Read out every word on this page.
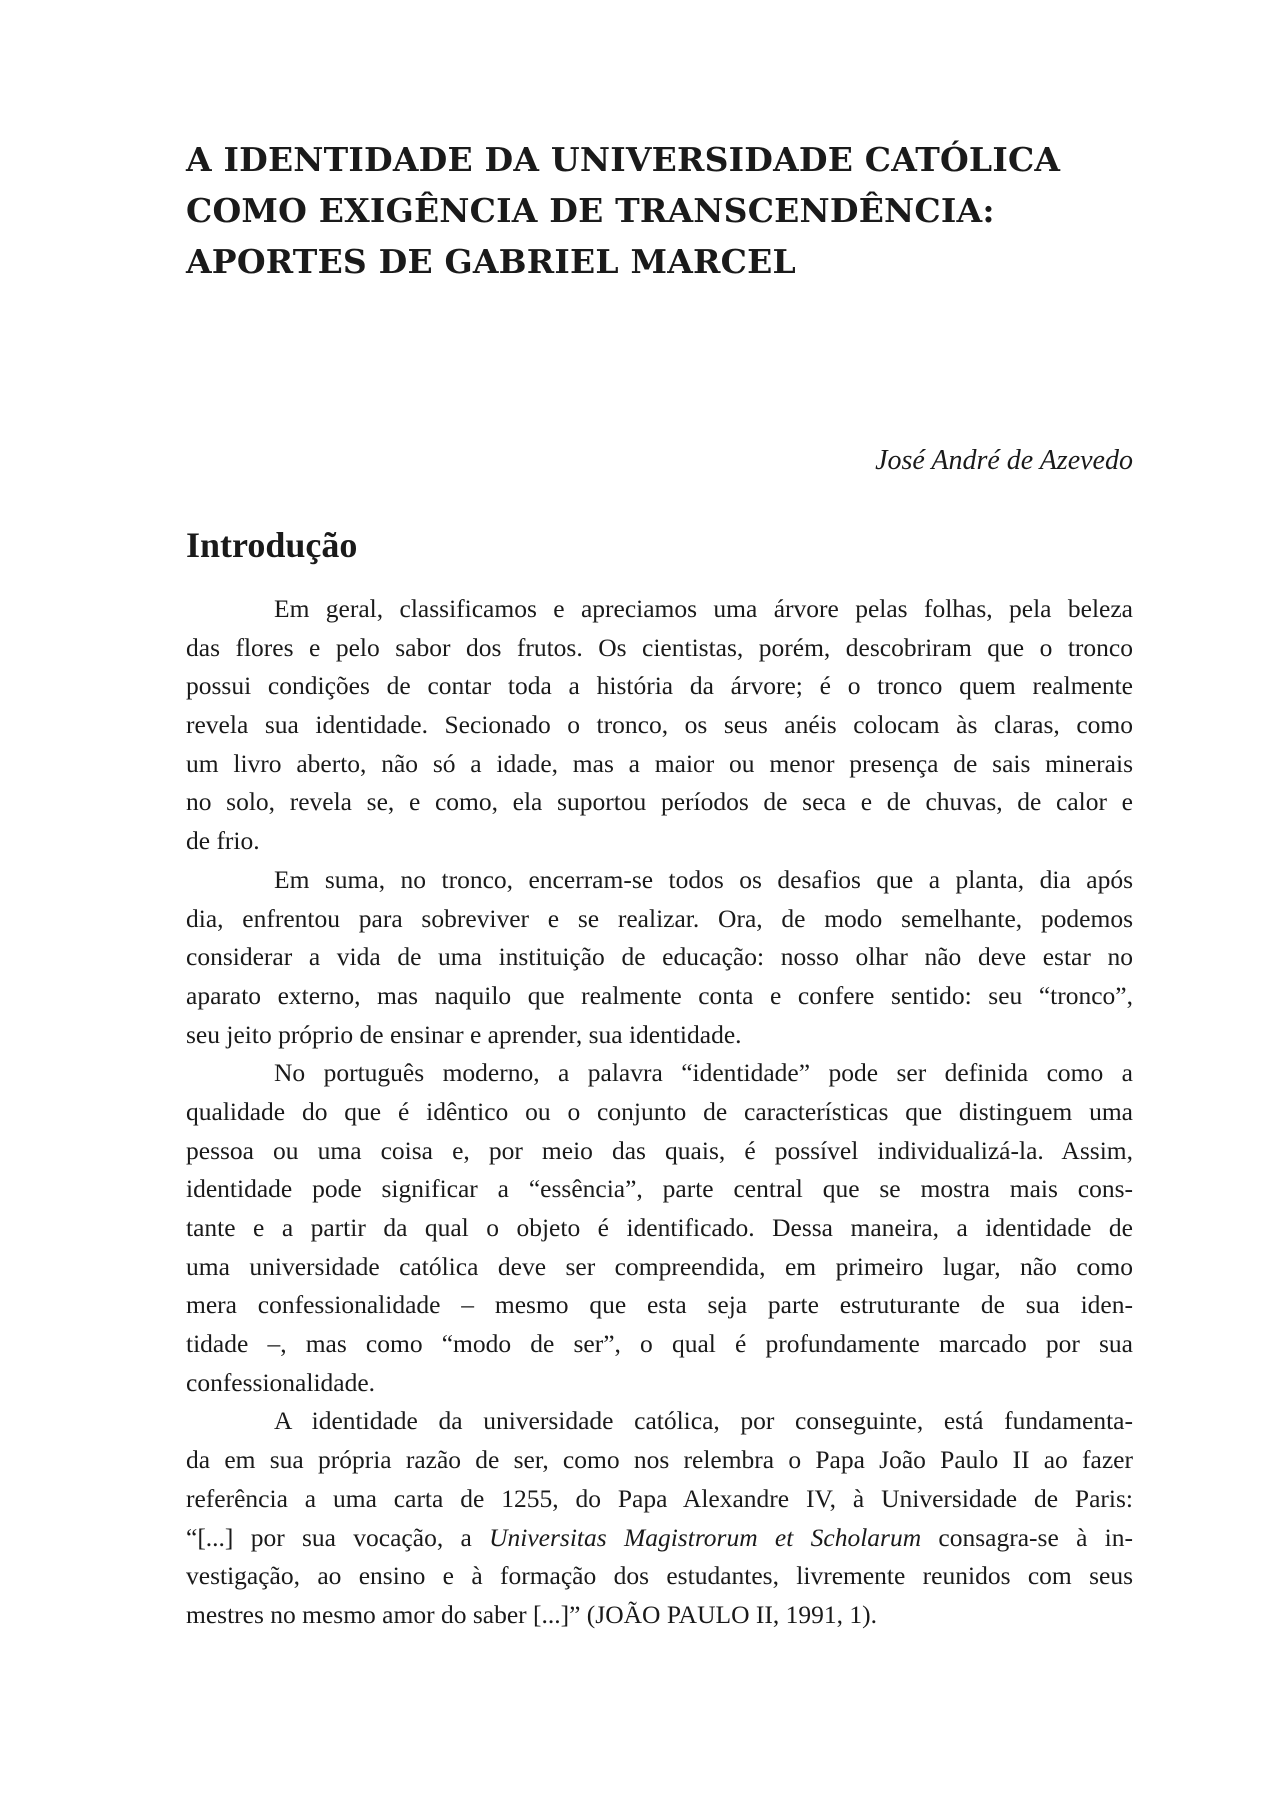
A IDENTIDADE DA UNIVERSIDADE CATÓLICA
COMO EXIGÊNCIA DE TRANSCENDÊNCIA:
APORTES DE GABRIEL MARCEL
José André de Azevedo
Introdução

Em geral, classificamos e apreciamos uma árvore pelas folhas, pela beleza
das flores e pelo sabor dos frutos. Os cientistas, porém, descobriram que o tronco
possui condições de contar toda a história da árvore; é o tronco quem realmente
revela sua identidade. Secionado o tronco, os seus anéis colocam às claras, como
um livro aberto, não só a idade, mas a maior ou menor presença de sais minerais
no solo, revela se, e como, ela suportou períodos de seca e de chuvas, de calor e
de frio.

Em suma, no tronco, encerram-se todos os desafios que a planta, dia após
dia, enfrentou para sobreviver e se realizar. Ora, de modo semelhante, podemos
considerar a vida de uma instituição de educação: nosso olhar não deve estar no
aparato externo, mas naquilo que realmente conta e confere sentido: seu “tronco”,
seu jeito próprio de ensinar e aprender, sua identidade.

No português moderno, a palavra “identidade” pode ser definida como a
qualidade do que é idêntico ou o conjunto de características que distinguem uma
pessoa ou uma coisa e, por meio das quais, é possível individualizá-la. Assim,
identidade pode significar a “essência”, parte central que se mostra mais cons-
tante e a partir da qual o objeto é identificado. Dessa maneira, a identidade de
uma universidade católica deve ser compreendida, em primeiro lugar, não como
mera confessionalidade – mesmo que esta seja parte estruturante de sua iden-
tidade –, mas como “modo de ser”, o qual é profundamente marcado por sua
confessionalidade.

A identidade da universidade católica, por conseguinte, está fundamenta-
da em sua própria razão de ser, como nos relembra o Papa João Paulo II ao fazer
referência a uma carta de 1255, do Papa Alexandre IV, à Universidade de Paris:
“[...] por sua vocação, a Universitas Magistrorum et Scholarum consagra-se à in-
vestigação, ao ensino e à formação dos estudantes, livremente reunidos com seus
mestres no mesmo amor do saber [...]” (JOÃO PAULO II, 1991, 1).
